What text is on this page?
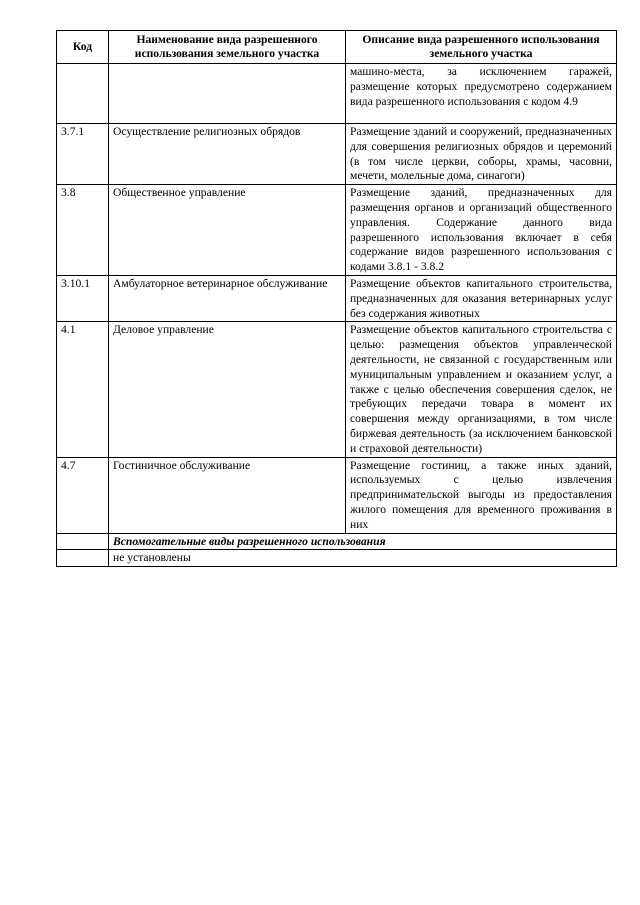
Код	Наименование вида разрешенного использования земельного участка	Описание вида разрешенного использования земельного участка
		машино-места, за исключением гаражей, размещение которых предусмотрено содержанием вида разрешенного использования с кодом 4.9
3.7.1	Осуществление религиозных обрядов	Размещение зданий и сооружений, предназначенных для совершения религиозных обрядов и церемоний (в том числе церкви, соборы, храмы, часовни, мечети, молельные дома, синагоги)
3.8	Общественное управление	Размещение зданий, предназначенных для размещения органов и организаций общественного управления. Содержание данного вида разрешенного использования включает в себя содержание видов разрешенного использования с кодами 3.8.1 - 3.8.2
3.10.1	Амбулаторное ветеринарное обслуживание	Размещение объектов капитального строительства, предназначенных для оказания ветеринарных услуг без содержания животных
4.1	Деловое управление	Размещение объектов капитального строительства с целью: размещения объектов управленческой деятельности, не связанной с государственным или муниципальным управлением и оказанием услуг, а также с целью обеспечения совершения сделок, не требующих передачи товара в момент их совершения между организациями, в том числе биржевая деятельность (за исключением банковской и страховой деятельности)
4.7	Гостиничное обслуживание	Размещение гостиниц, а также иных зданий, используемых с целью извлечения предпринимательской выгоды из предоставления жилого помещения для временного проживания в них
	Вспомогательные виды разрешенного использования	
	не установлены	
